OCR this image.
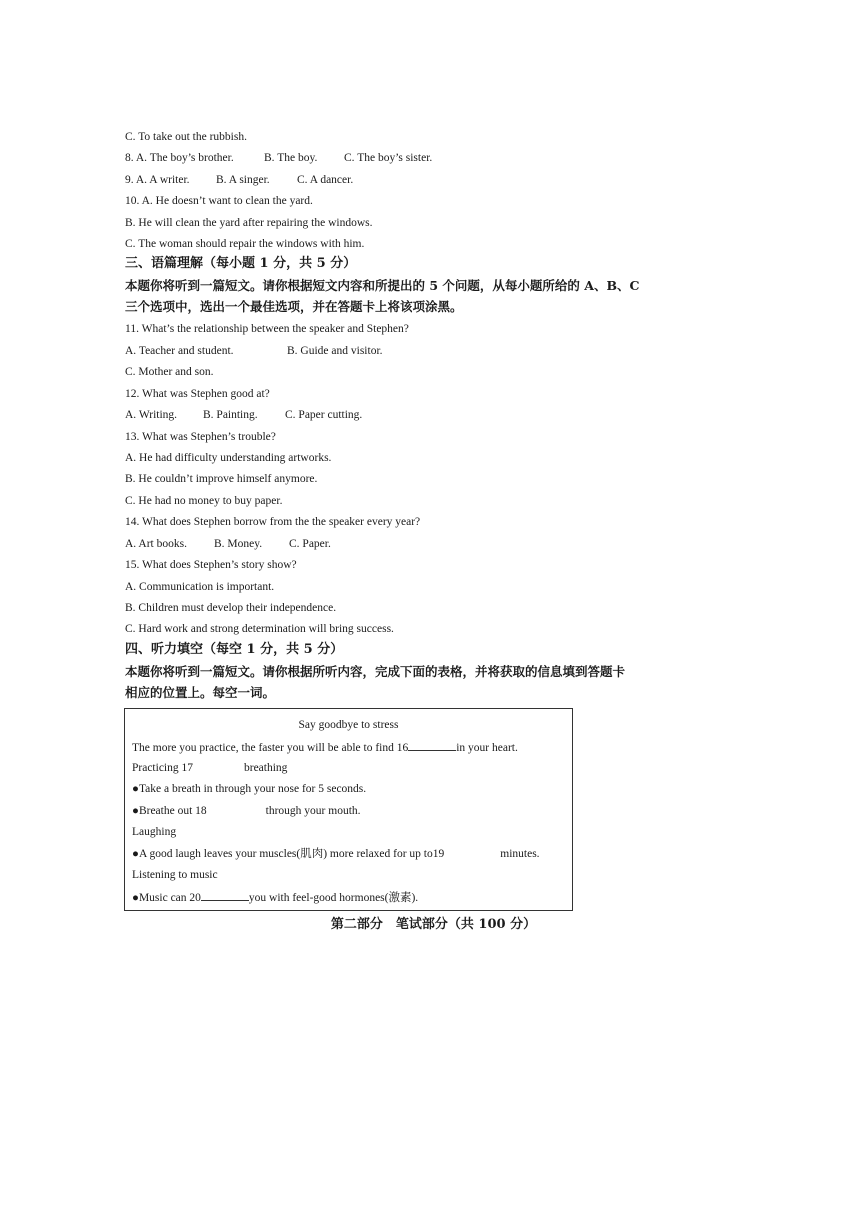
C. To take out the rubbish.
8. A. The boy’s brother.	B. The boy. C. The boy’s sister.
9. A. A writer. B. A singer. C. A dancer.
10. A. He doesn’t want to clean the yard.
B. He will clean the yard after repairing the windows.
C. The woman should repair the windows with him.
三、语篇理解（每小题 1 分，共 5 分）
本题你将听到一篇短文。请你根据短文内容和所提出的 5 个问题，从每小题所给的 A、B、C
三个选项中，选出一个最佳选项，并在答题卡上将该项涂黑。
11. What’s the relationship between the speaker and Stephen?
A. Teacher and student.	B. Guide and visitor.
C. Mother and son.
12. What was Stephen good at?
A. Writing. B. Painting. C. Paper cutting.
13. What was Stephen’s trouble?
A. He had difficulty understanding artworks.
B. He couldn’t improve himself anymore.
C. He had no money to buy paper.
14. What does Stephen borrow from the the speaker every year?
A. Art books. B. Money. C. Paper.
15. What does Stephen’s story show?
A. Communication is important.
B. Children must develop their independence.
C. Hard work and strong determination will bring success.
四、听力填空（每空 1 分，共 5 分）
本题你将听到一篇短文。请你根据所听内容，完成下面的表格，并将获取的信息填到答题卡
相应的位置上。每空一词。
Say goodbye to stress
The more you practice, the faster you will be able to find 16	in your heart.
Practicing 17	breathing
●Take a breath in through your nose for 5 seconds.
●Breathe out 18	through your mouth.
Laughing
●A good laugh leaves your muscles(肌肉) more relaxed for up to19	minutes.
Listening to music
●Music can 20	you with feel-good hormones(激素).
第二部分　笔试部分（共 100 分）
